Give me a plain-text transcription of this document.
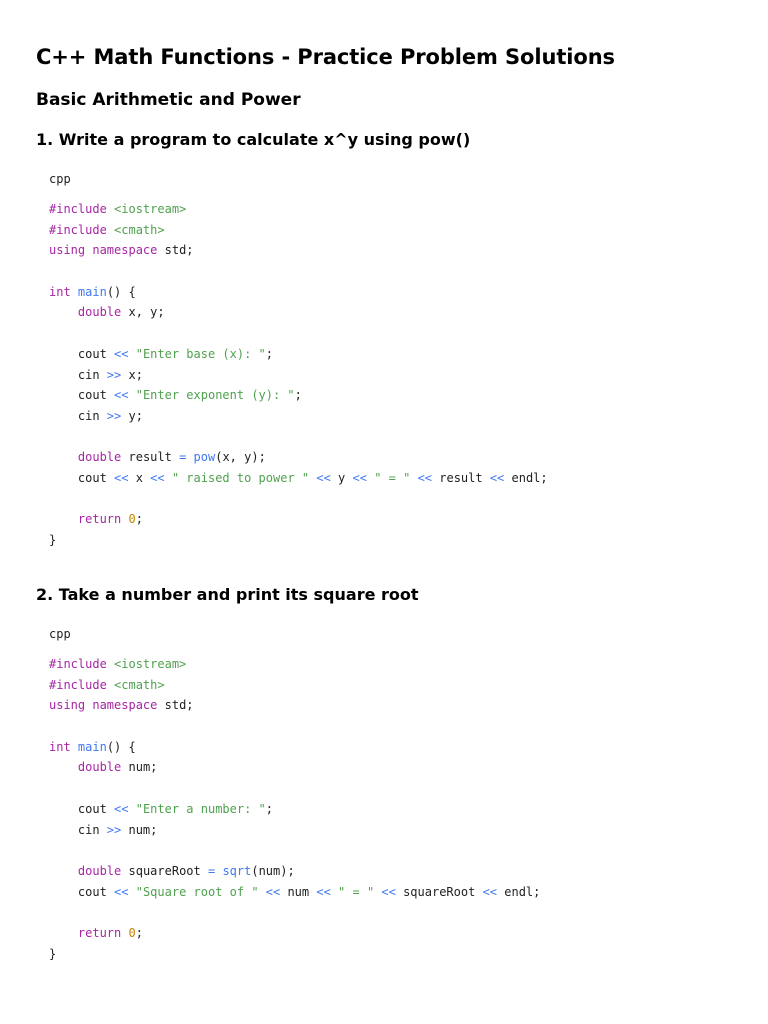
C++ Math Functions - Practice Problem Solutions
Basic Arithmetic and Power
1. Write a program to calculate x^y using pow()
cpp
#include <iostream>
#include <cmath>
using namespace std;

int main() {
double x, y;

cout << "Enter base (x): ";
cin >> x;
cout << "Enter exponent (y): ";
cin >> y;

double result = pow(x, y);
cout << x << " raised to power " << y << " = " << result << endl;

return 0;
}
2. Take a number and print its square root
cpp
#include <iostream>
#include <cmath>
using namespace std;

int main() {
double num;

cout << "Enter a number: ";
cin >> num;

double squareRoot = sqrt(num);
cout << "Square root of " << num << " = " << squareRoot << endl;

return 0;
}
